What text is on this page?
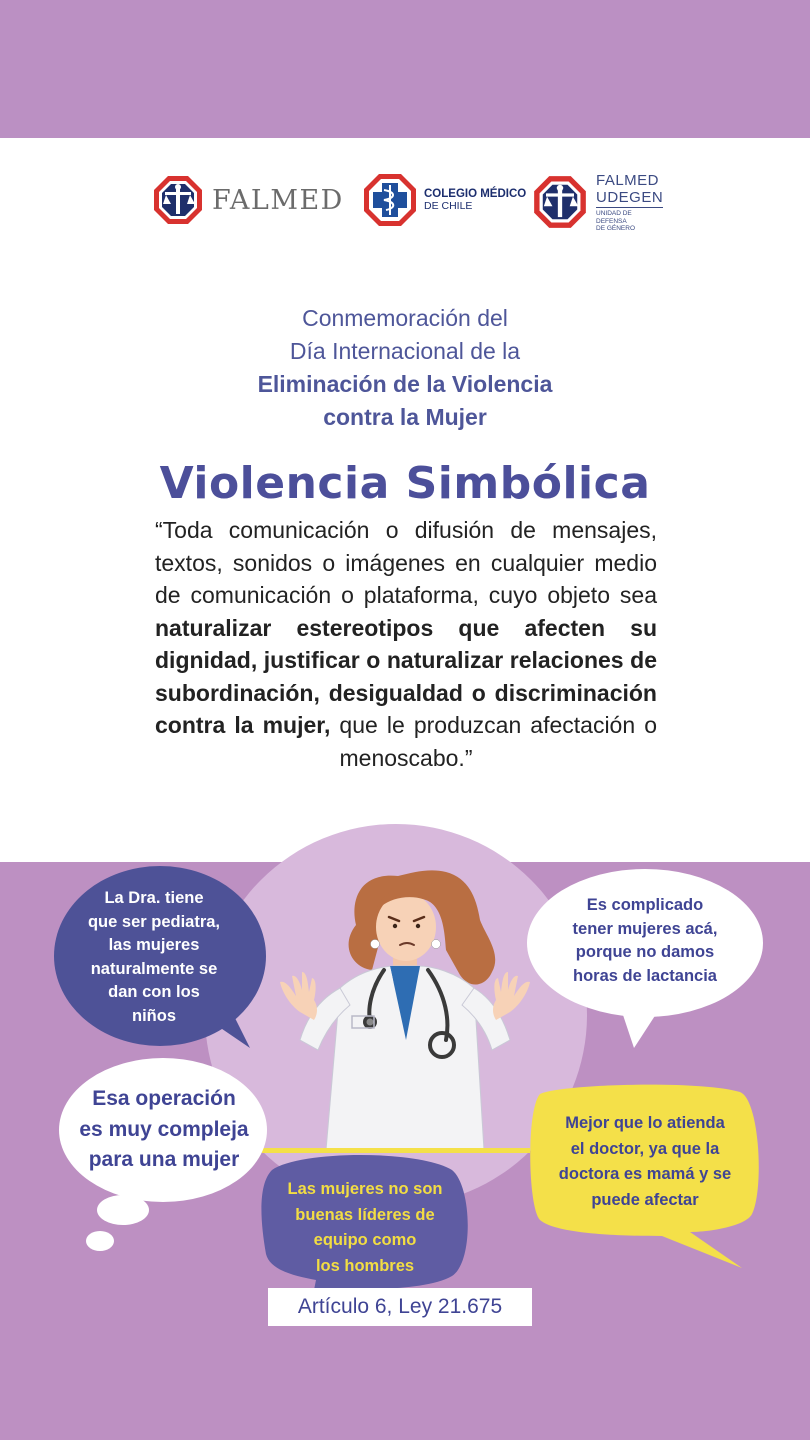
FALMED	COLEGIO MÉDICO
DE CHILE
FALMED
UDEGEN
UNIDAD DE
DEFENSA
DE GÉNERO
Conmemoración del
Día Internacional de la
Eliminación de la Violencia
contra la Mujer
Violencia Simbólica
“Toda comunicación o difusión de mensajes, textos, sonidos o imágenes en cualquier medio de comunicación o plataforma, cuyo objeto sea naturalizar estereotipos que afecten su dignidad, justificar o naturalizar relaciones de subordinación, desigualdad o discriminación contra la mujer, que le produzcan afectación o menoscabo.”
La Dra. tiene
que ser pediatra,
las mujeres
naturalmente se
dan con los
niños
Es complicado
tener mujeres acá,
porque no damos
horas de lactancia
Esa operación
es muy compleja
para una mujer
Mejor que lo atienda
el doctor, ya que la
doctora es mamá y se
puede afectar
Las mujeres no son
buenas líderes de
equipo como
los hombres
Artículo 6, Ley 21.675
